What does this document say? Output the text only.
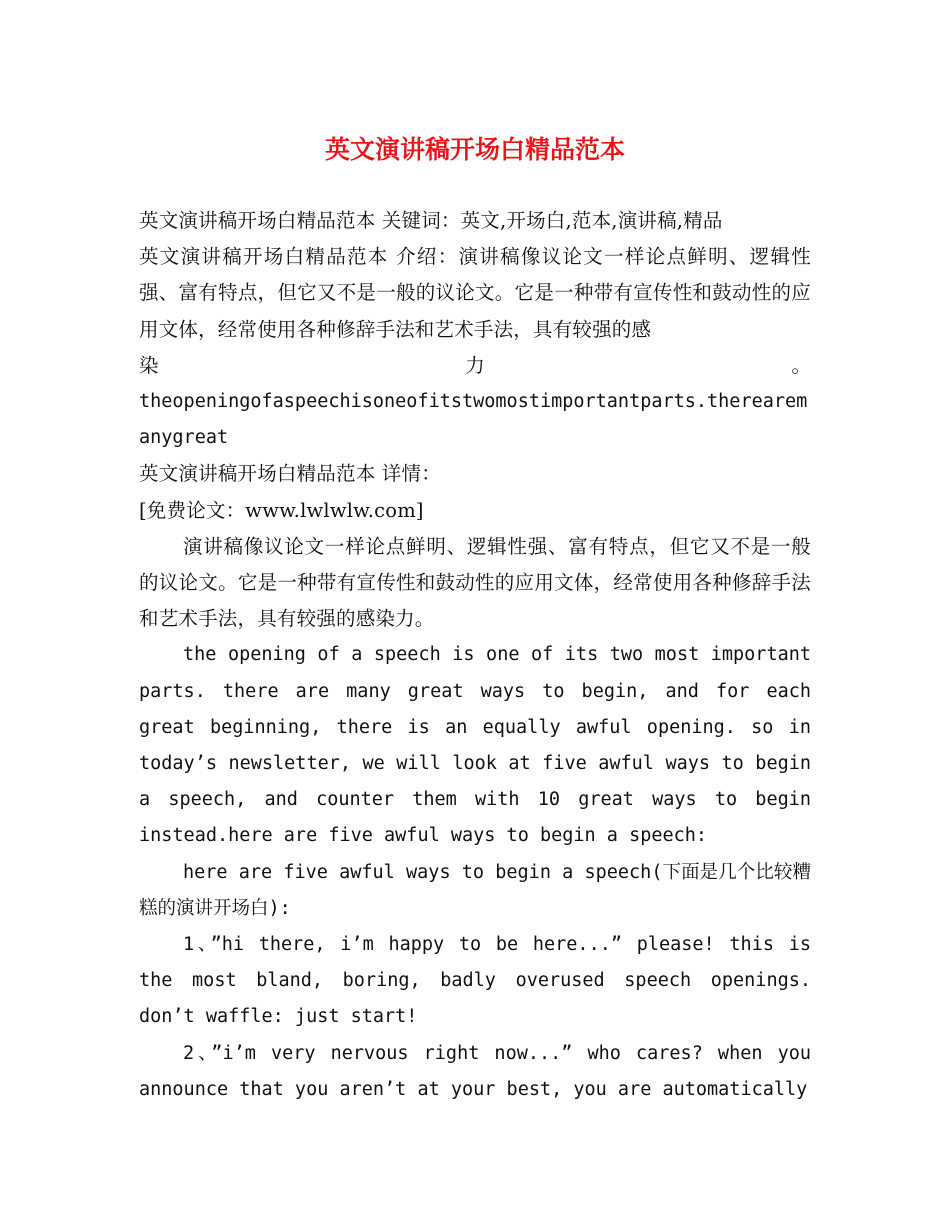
英文演讲稿开场白精品范本

英文演讲稿开场白精品范本 关键词：英文,开场白,范本,演讲稿,精品

英文演讲稿开场白精品范本 介绍：演讲稿像议论文一样论点鲜明、逻辑性强、富有特点，但它又不是一般的议论文。它是一种带有宣传性和鼓动性的应用文体，经常使用各种修辞手法和艺术手法，具有较强的感

染	力	。

theopeningofaspeechisoneofitstwomostimportantparts.therearemanygreat

英文演讲稿开场白精品范本 详情：

[免费论文：www.lwlwlw.com]

演讲稿像议论文一样论点鲜明、逻辑性强、富有特点，但它又不是一般的议论文。它是一种带有宣传性和鼓动性的应用文体，经常使用各种修辞手法和艺术手法，具有较强的感染力。

the opening of a speech is one of its two most important parts. there are many great ways to begin, and for each great beginning, there is an equally awful opening. so in today’s newsletter, we will look at five awful ways to begin a speech, and counter them with 10 great ways to begin instead.here are five awful ways to begin a speech:

here are five awful ways to begin a speech(下面是几个比较糟糕的演讲开场白):

1、”hi there, i’m happy to be here...” please! this is the most bland, boring, badly overused speech openings. don’t waffle: just start!

2、”i’m very nervous right now...” who cares? when you announce that you aren’t at your best, you are automatically
